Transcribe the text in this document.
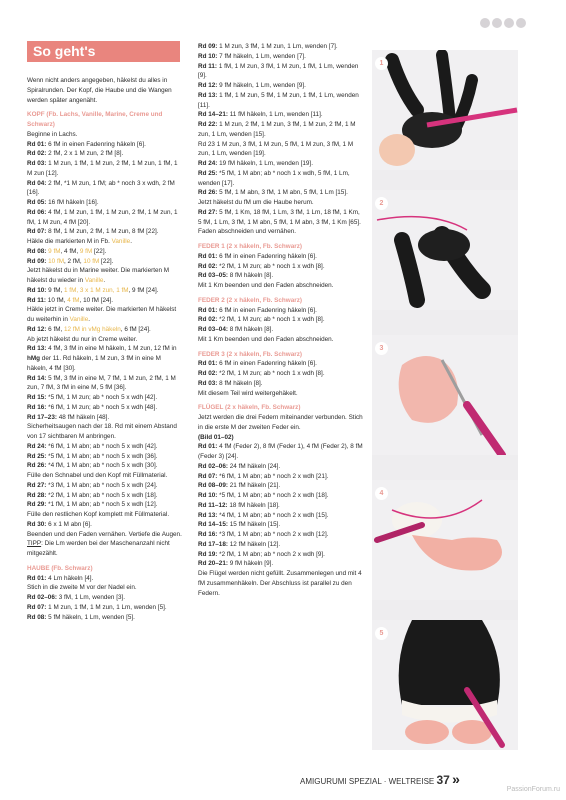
So geht's

Wenn nicht anders angegeben, häkelst du alles in Spiralrunden. Der Kopf, die Haube und die Wangen werden später angenäht.

KOPF (Fb. Lachs, Vanille, Marine, Creme und Schwarz)

Beginne in Lachs.

Rd 01: 6 fM in einen Fadenring häkeln [6].

Rd 02: 2 fM, 2 x 1 M zun, 2 fM [8].

Rd 03: 1 M zun, 1 fM, 1 M zun, 2 fM, 1 M zun, 1 fM, 1 M zun [12].

Rd 04: 2 fM, *1 M zun, 1 fM; ab * noch 3 x wdh, 2 fM [16].

Rd 05: 16 fM häkeln [16].

Rd 06: 4 fM, 1 M zun, 1 fM, 1 M zun, 2 fM, 1 M zun, 1 fM, 1 M zun, 4 fM [20].

Rd 07: 8 fM, 1 M zun, 2 fM, 1 M zun, 8 fM [22].

Häkle die markierten M in Fb. Vanille.

Rd 08: 9 fM, 4 fM, 9 fM [22].

Rd 09: 10 fM, 2 fM, 10 fM [22].

Jetzt häkelst du in Marine weiter. Die markierten M häkelst du wieder in Vanille.

Rd 10: 9 fM, 1 fM, 3 x 1 M zun, 1 fM, 9 fM [24].

Rd 11: 10 fM, 4 fM, 10 fM [24].

Häkle jetzt in Creme weiter. Die markierten M häkelst du weiterhin in Vanille.

Rd 12: 6 fM, 12 fM in vMg häkeln, 6 fM [24].

Ab jetzt häkelst du nur in Creme weiter.

Rd 13: 4 fM, 3 fM in eine M häkeln, 1 M zun, 12 fM in hMg der 11. Rd häkeln, 1 M zun, 3 fM in eine M häkeln, 4 fM [30].

Rd 14: 5 fM, 3 fM in eine M, 7 fM, 1 M zun, 2 fM, 1 M zun, 7 fM, 3 fM in eine M, 5 fM [36].

Rd 15: *5 fM, 1 M zun; ab * noch 5 x wdh [42].

Rd 16: *6 fM, 1 M zun; ab * noch 5 x wdh [48].

Rd 17–23: 48 fM häkeln [48].

Sicherheitsaugen nach der 18. Rd mit einem Abstand von 17 sichtbaren M anbringen.

Rd 24: *6 fM, 1 M abn; ab * noch 5 x wdh [42].

Rd 25: *5 fM, 1 M abn; ab * noch 5 x wdh [36].

Rd 26: *4 fM, 1 M abn; ab * noch 5 x wdh [30].

Fülle den Schnabel und den Kopf mit Füllmaterial.

Rd 27: *3 fM, 1 M abn; ab * noch 5 x wdh [24].

Rd 28: *2 fM, 1 M abn; ab * noch 5 x wdh [18].

Rd 29: *1 fM, 1 M abn; ab * noch 5 x wdh [12].

Fülle den restlichen Kopf komplett mit Füllmaterial.

Rd 30: 6 x 1 M abn [6].

Beenden und den Faden vernähen. Vertiefe die Augen.

TIPP: Die Lm werden bei der Maschenanzahl nicht mitgezählt.

HAUBE (Fb. Schwarz)

Rd 01: 4 Lm häkeln [4].

Stich in die zweite M vor der Nadel ein.

Rd 02–06: 3 fM, 1 Lm, wenden [3].

Rd 07: 1 M zun, 1 fM, 1 M zun, 1 Lm, wenden [5].

Rd 08: 5 fM häkeln, 1 Lm, wenden [5].

Rd 09: 1 M zun, 3 fM, 1 M zun, 1 Lm, wenden [7].

Rd 10: 7 fM häkeln, 1 Lm, wenden [7].

Rd 11: 1 fM, 1 M zun, 3 fM, 1 M zun, 1 fM, 1 Lm, wenden [9].

Rd 12: 9 fM häkeln, 1 Lm, wenden [9].

Rd 13: 1 fM, 1 M zun, 5 fM, 1 M zun, 1 fM, 1 Lm, wenden [11].

Rd 14–21: 11 fM häkeln, 1 Lm, wenden [11].

Rd 22: 1 M zun, 2 fM, 1 M zun, 3 fM, 1 M zun, 2 fM, 1 M zun, 1 Lm, wenden [15].

Rd 23 1 M zun, 3 fM, 1 M zun, 5 fM, 1 M zun, 3 fM, 1 M zun, 1 Lm, wenden [19].

Rd 24: 19 fM häkeln, 1 Lm, wenden [19].

Rd 25: *5 fM, 1 M abn; ab * noch 1 x wdh, 5 fM, 1 Lm, wenden [17].

Rd 26: 5 fM, 1 M abn, 3 fM, 1 M abn, 5 fM, 1 Lm [15].

Jetzt häkelst du fM um die Haube herum.

Rd 27: 5 fM, 1 Km, 18 fM, 1 Lm, 3 fM, 1 Lm, 18 fM, 1 Km, 5 fM, 1 Lm, 3 fM, 1 M abn, 5 fM, 1 M abn, 3 fM, 1 Km [65].

Faden abschneiden und vernähen.

FEDER 1 (2 x häkeln, Fb. Schwarz)

Rd 01: 6 fM in einen Fadenring häkeln [6].

Rd 02: *2 fM, 1 M zun; ab * noch 1 x wdh [8].

Rd 03–05: 8 fM häkeln [8].

Mit 1 Km beenden und den Faden abschneiden.

FEDER 2 (2 x häkeln, Fb. Schwarz)

Rd 01: 6 fM in einen Fadenring häkeln [6].

Rd 02: *2 fM, 1 M zun; ab * noch 1 x wdh [8].

Rd 03–04: 8 fM häkeln [8].

Mit 1 Km beenden und den Faden abschneiden.

FEDER 3 (2 x häkeln, Fb. Schwarz)

Rd 01: 6 fM in einen Fadenring häkeln [6].

Rd 02: *2 fM, 1 M zun; ab * noch 1 x wdh [8].

Rd 03: 8 fM häkeln [8].

Mit diesem Teil wird weitergehäkelt.

FLÜGEL (2 x häkeln, Fb. Schwarz)

Jetzt werden die drei Federn miteinander verbunden. Stich in die erste M der zweiten Feder ein.

(Bild 01–02)

Rd 01: 4 fM (Feder 2), 8 fM (Feder 1), 4 fM (Feder 2), 8 fM (Feder 3) [24].

Rd 02–06: 24 fM häkeln [24].

Rd 07: *6 fM, 1 M abn; ab * noch 2 x wdh [21].

Rd 08–09: 21 fM häkeln [21].

Rd 10: *5 fM, 1 M abn; ab * noch 2 x wdh [18].

Rd 11–12: 18 fM häkeln [18].

Rd 13: *4 fM, 1 M abn; ab * noch 2 x wdh [15].

Rd 14–15: 15 fM häkeln [15].

Rd 16: *3 fM, 1 M abn; ab * noch 2 x wdh [12].

Rd 17–18: 12 fM häkeln [12].

Rd 19: *2 fM, 1 M abn; ab * noch 2 x wdh [9].

Rd 20–21: 9 fM häkeln [9].

Die Flügel werden nicht gefüllt. Zusammenlegen und mit 4 fM zusammenhäkeln. Der Abschluss ist parallel zu den Federn.

1
2
3
4
5
AMIGURUMI SPEZIAL · WELTREISE 37 »
PassionForum.ru
